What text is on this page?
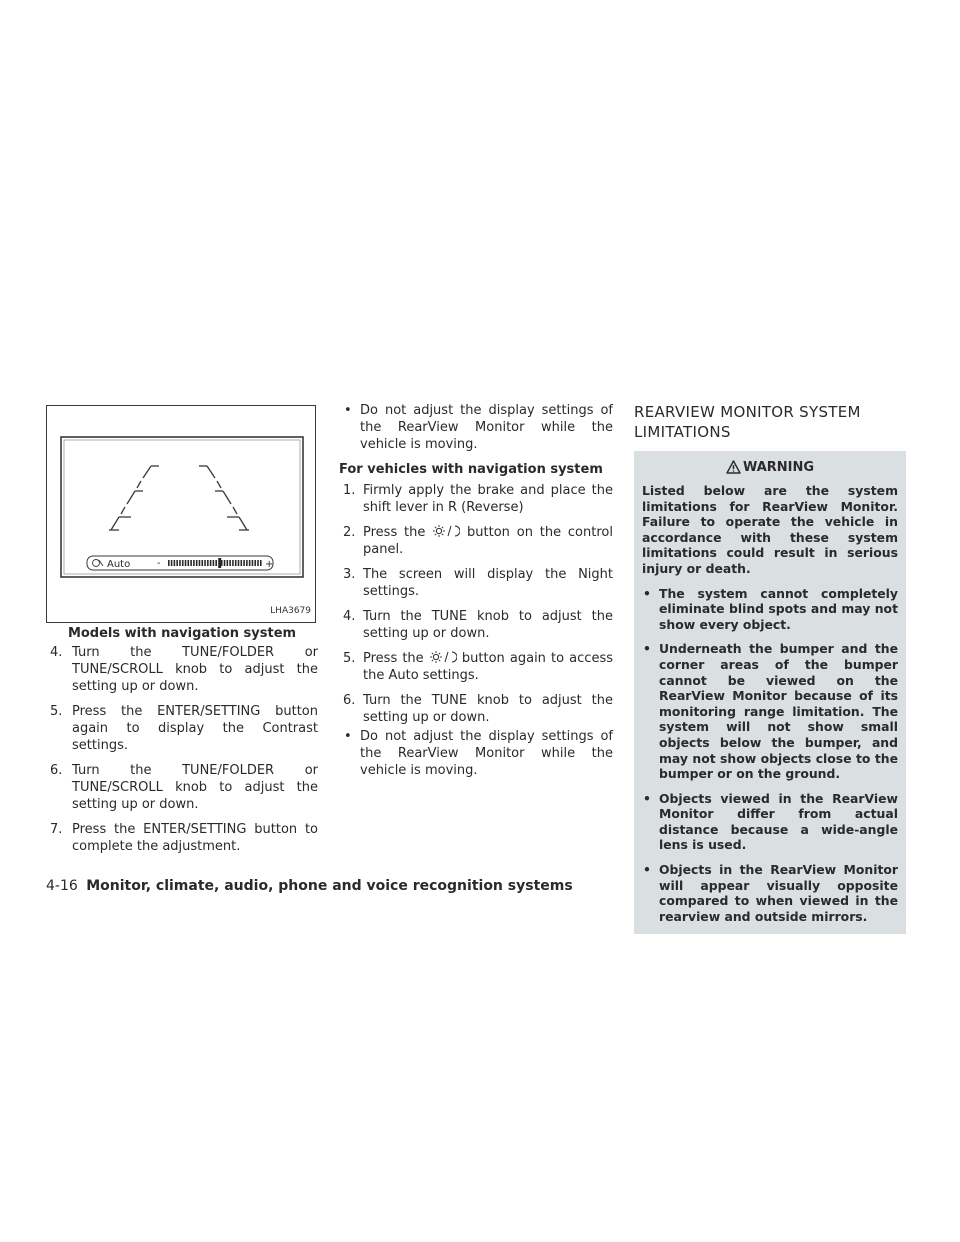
Auto	-	+
LHA3679
Models with navigation system
4. Turn the TUNE/FOLDER or TUNE/SCROLL knob to adjust the setting up or down.
5. Press the ENTER/SETTING button again to display the Contrast settings.
6. Turn the TUNE/FOLDER or TUNE/SCROLL knob to adjust the setting up or down.
7. Press the ENTER/SETTING button to complete the adjustment.
• Do not adjust the display settings of the RearView Monitor while the vehicle is moving.
For vehicles with navigation system
1. Firmly apply the brake and place the shift lever in R (Reverse)
2. Press the	button on the control panel.
3. The screen will display the Night settings.
4. Turn the TUNE knob to adjust the setting up or down.
5. Press the	button again to access the Auto settings.
6. Turn the TUNE knob to adjust the setting up or down.
• Do not adjust the display settings of the RearView Monitor while the vehicle is moving.
REARVIEW MONITOR SYSTEM
LIMITATIONS
WARNING
Listed below are the system limitations for RearView Monitor. Failure to operate the vehicle in accordance with these system limitations could result in serious injury or death.
• The system cannot completely eliminate blind spots and may not show every object.
• Underneath the bumper and the corner areas of the bumper cannot be viewed on the RearView Monitor because of its monitoring range limitation. The system will not show small objects below the bumper, and may not show objects close to the bumper or on the ground.
• Objects viewed in the RearView Monitor differ from actual distance because a wide-angle lens is used.
• Objects in the RearView Monitor will appear visually opposite compared to when viewed in the rearview and outside mirrors.
4-16 Monitor, climate, audio, phone and voice recognition systems
